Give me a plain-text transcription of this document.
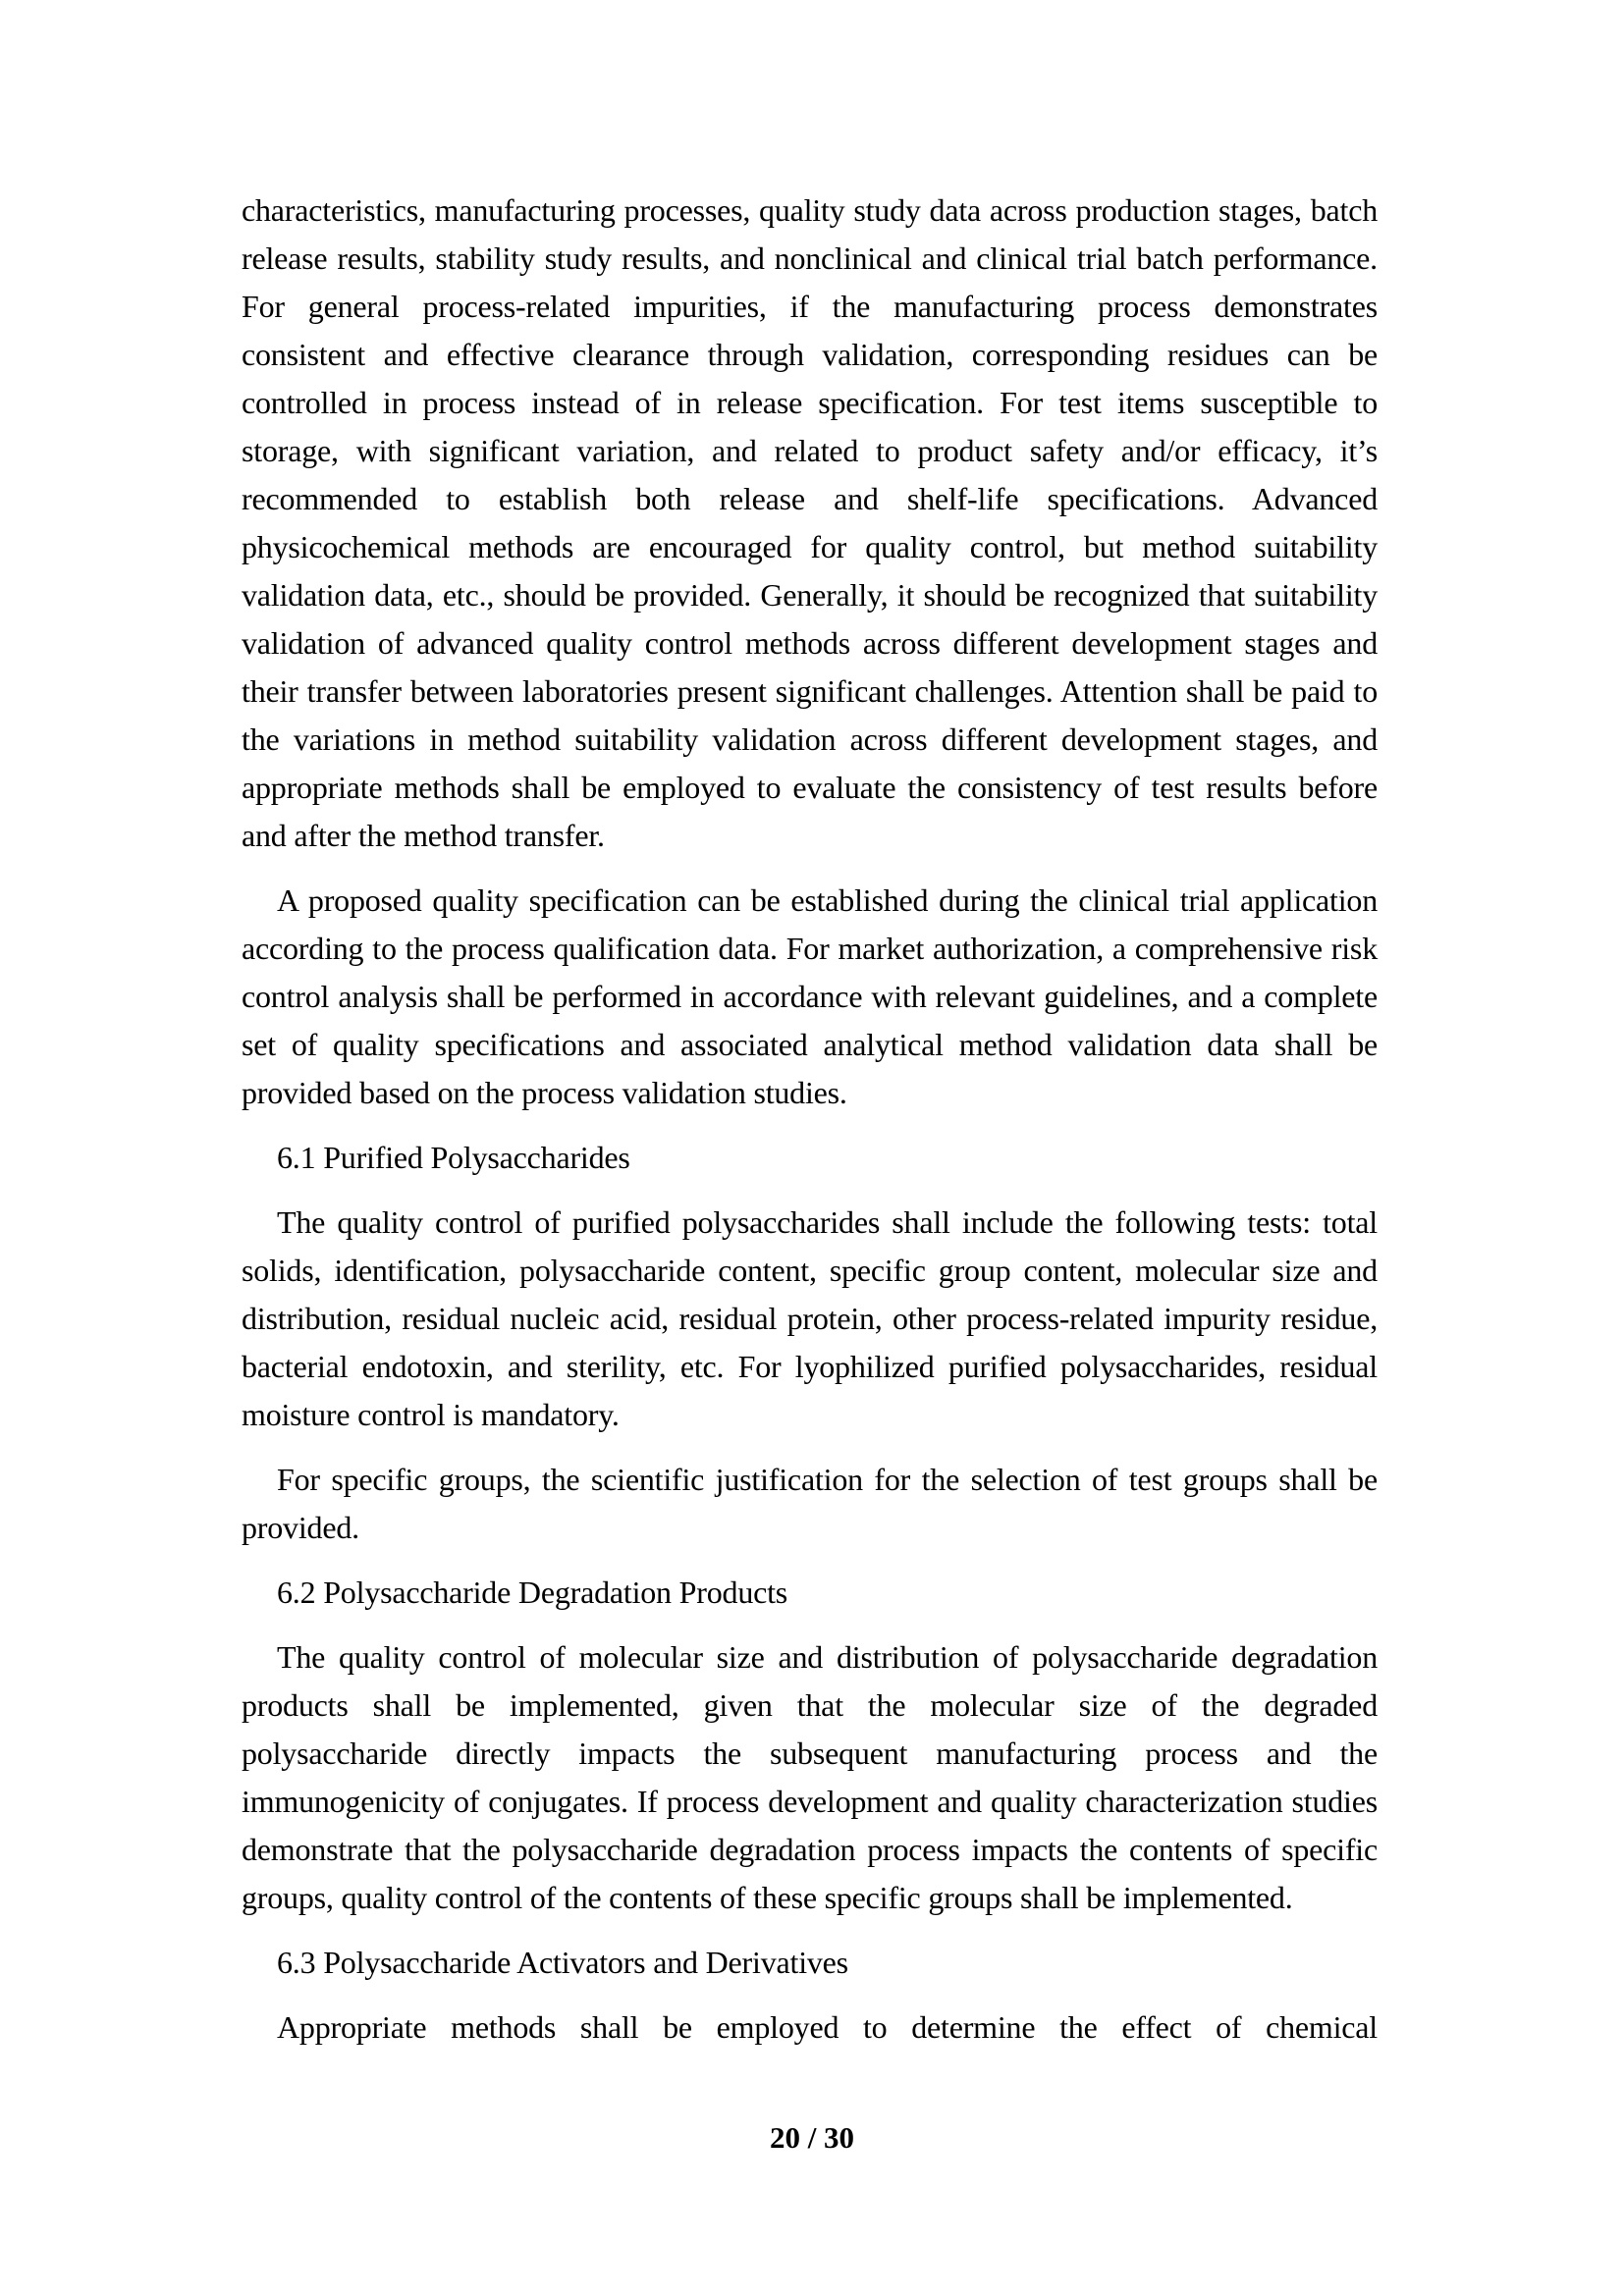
characteristics, manufacturing processes, quality study data across production stages, batch release results, stability study results, and nonclinical and clinical trial batch performance. For general process-related impurities, if the manufacturing process demonstrates consistent and effective clearance through validation, corresponding residues can be controlled in process instead of in release specification. For test items susceptible to storage, with significant variation, and related to product safety and/or efficacy, it’s recommended to establish both release and shelf-life specifications. Advanced physicochemical methods are encouraged for quality control, but method suitability validation data, etc., should be provided. Generally, it should be recognized that suitability validation of advanced quality control methods across different development stages and their transfer between laboratories present significant challenges. Attention shall be paid to the variations in method suitability validation across different development stages, and appropriate methods shall be employed to evaluate the consistency of test results before and after the method transfer.

A proposed quality specification can be established during the clinical trial application according to the process qualification data. For market authorization, a comprehensive risk control analysis shall be performed in accordance with relevant guidelines, and a complete set of quality specifications and associated analytical method validation data shall be provided based on the process validation studies.

6.1 Purified Polysaccharides

The quality control of purified polysaccharides shall include the following tests: total solids, identification, polysaccharide content, specific group content, molecular size and distribution, residual nucleic acid, residual protein, other process-related impurity residue, bacterial endotoxin, and sterility, etc. For lyophilized purified polysaccharides, residual moisture control is mandatory.

For specific groups, the scientific justification for the selection of test groups shall be provided.

6.2 Polysaccharide Degradation Products

The quality control of molecular size and distribution of polysaccharide degradation products shall be implemented, given that the molecular size of the degraded polysaccharide directly impacts the subsequent manufacturing process and the immunogenicity of conjugates. If process development and quality characterization studies demonstrate that the polysaccharide degradation process impacts the contents of specific groups, quality control of the contents of these specific groups shall be implemented.

6.3 Polysaccharide Activators and Derivatives

Appropriate methods shall be employed to determine the effect of chemical

20 / 30
